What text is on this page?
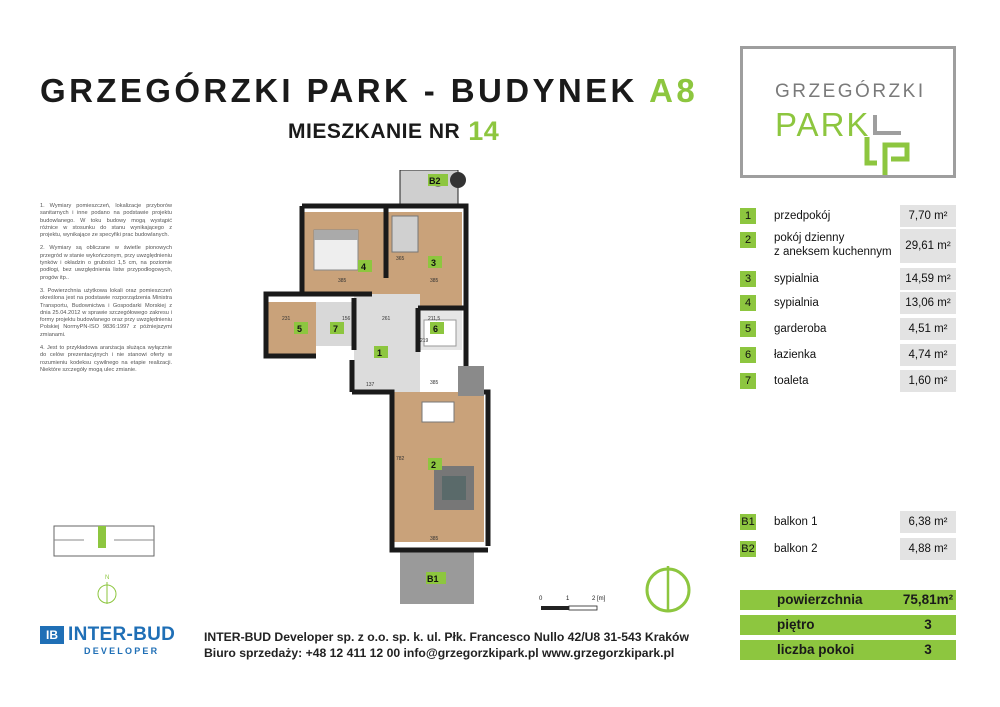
GRZEGÓRZKI PARK - BUDYNEK A8
MIESZKANIE NR 14
GRZEGÓRZKI
PARK

1. Wymiary pomieszczeń, lokalizacje przyborów sanitarnych i inne podano na podstawie projektu budowlanego. W toku budowy mogą wystąpić różnice w stosunku do stanu wynikającego z projektu, wynikające ze specyfiki prac budowlanych.

2. Wymiary są obliczane w świetle pionowych przegród w stanie wykończonym, przy uwzględnieniu tynków i okładzin o grubości 1,5 cm, na poziomie podłogi, bez uwzględnienia listw przypodłogowych, progów itp..

3. Powierzchnia użytkowa lokali oraz pomieszczeń określona jest na podstawie rozporządzenia Ministra Transportu, Budownictwa i Gospodarki Morskiej z dnia 25.04.2012 w sprawie szczegółowego zakresu i formy projektu budowlanego oraz przy uwzględnieniu Polskiej NormyPN-ISO 9836:1997 z późniejszymi zmianami.

4. Jest to przykładowa aranżacja służąca wyłącznie do celów prezentacyjnych i nie stanowi oferty w rozumieniu kodeksu cywilnego na etapie realizacji. Niektóre szczegóły mogą ulec zmianie.

1	przedpokój	7,70 m²
2	pokój dzienny
z aneksem kuchennym	29,61 m²
3	sypialnia	14,59 m²
4	sypialnia	13,06 m²
5	garderoba	4,51 m²
6	łazienka	4,74 m²
7	toaleta	1,60 m²
B1 balkon 1	6,38 m²
B2 balkon 2	4,88 m²
powierzchnia	75,81m²
piętro	3
liczba pokoi	3
4	3
5	7	6
1
2
B2
B1
385	385
261
231	156	211,5
137	385
782
385
365
219
N
0	1	2 [m]
IB INTER-BUD
DEVELOPER
INTER-BUD Developer sp. z o.o. sp. k. ul. Płk. Francesco Nullo 42/U8 31-543 Kraków
Biuro sprzedaży: +48 12 411 12 00 info@grzegorzkipark.pl www.grzegorzkipark.pl
